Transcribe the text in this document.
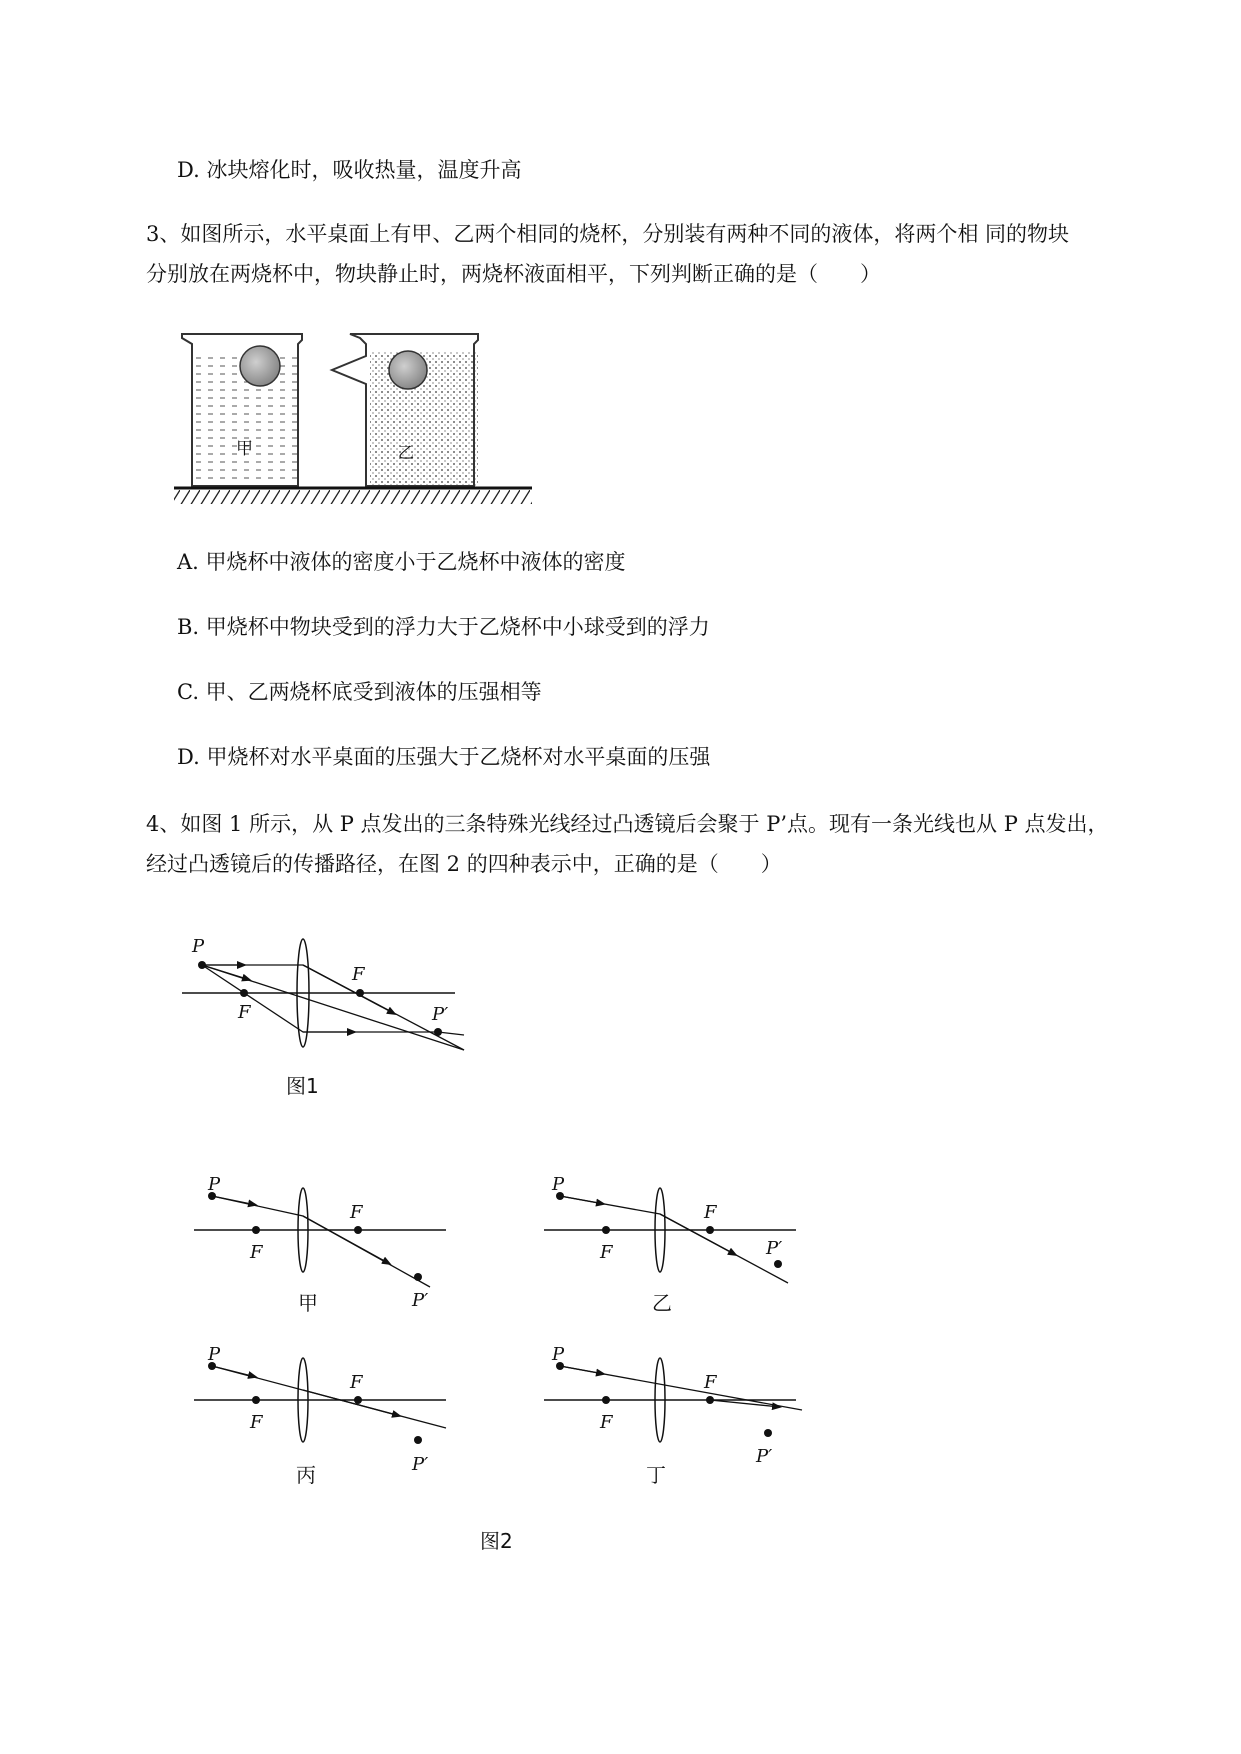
D. 冰块熔化时，吸收热量，温度升高
3、如图所示，水平桌面上有甲、乙两个相同的烧杯，分别装有两种不同的液体，将两个相 同的物块
分别放在两烧杯中，物块静止时，两烧杯液面相平，下列判断正确的是（　　）
甲	乙
A. 甲烧杯中液体的密度小于乙烧杯中液体的密度
B. 甲烧杯中物块受到的浮力大于乙烧杯中小球受到的浮力
C. 甲、乙两烧杯底受到液体的压强相等
D. 甲烧杯对水平桌面的压强大于乙烧杯对水平桌面的压强
4、如图 1 所示，从 P 点发出的三条特殊光线经过凸透镜后会聚于 P’点。现有一条光线也从 P 点发出，
经过凸透镜后的传播路径，在图 2 的四种表示中，正确的是（　　）
P
F
F
P′
图1
P
F
F
P′
甲
P
F
F
P′
乙
P
F
F
P′
丙
P
F
F
P′
丁
图2
